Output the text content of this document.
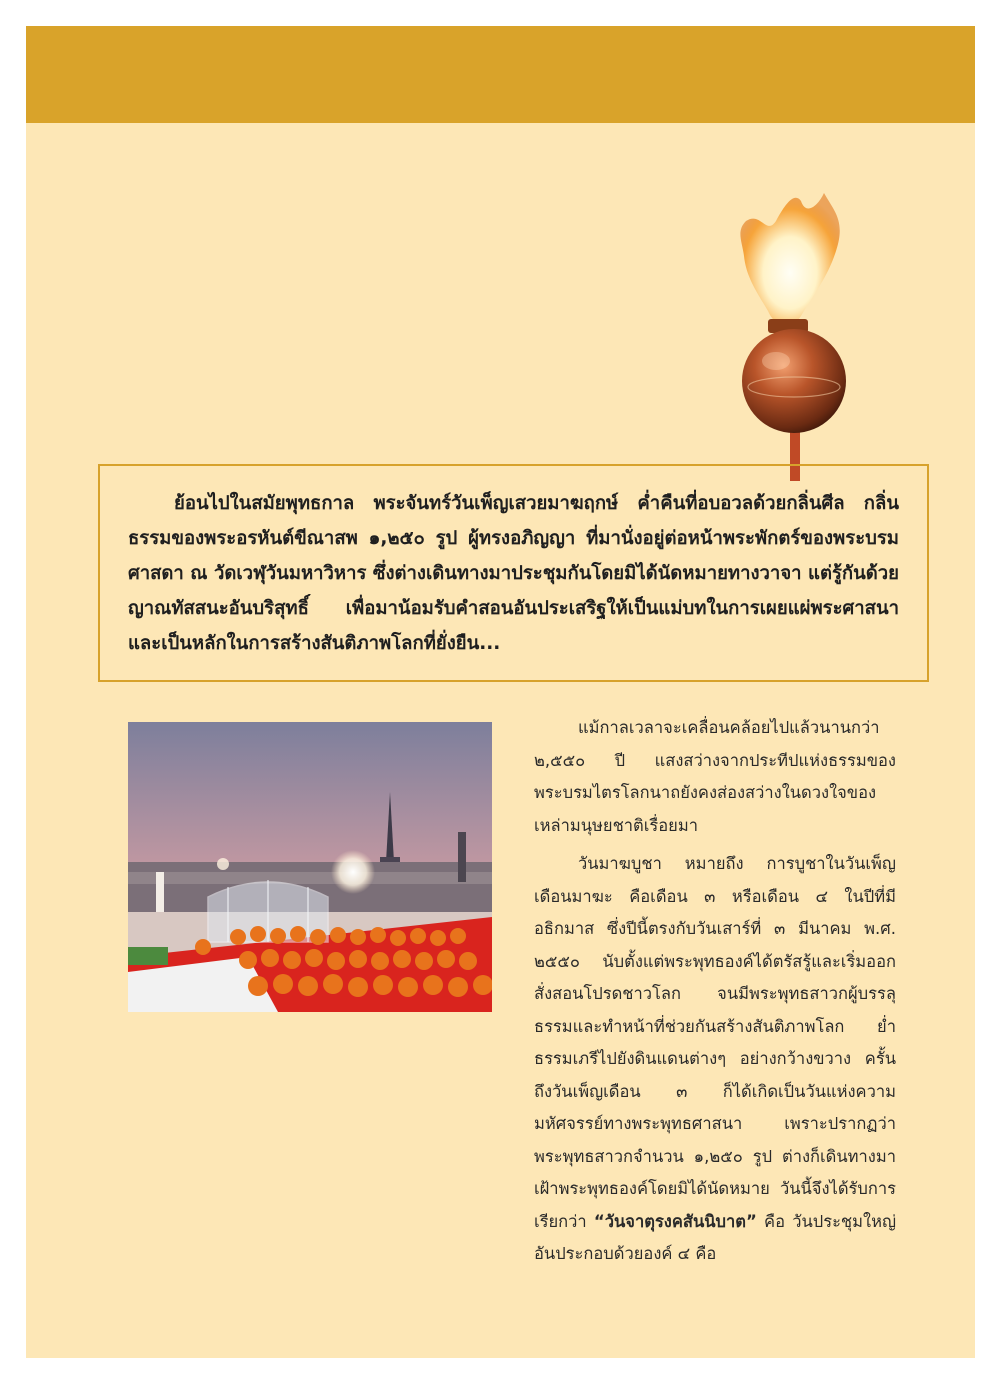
ย้อนไปในสมัยพุทธกาล พระจันทร์วันเพ็ญเสวยมาฆฤกษ์ ค่ำคืนที่อบอวลด้วยกลิ่นศีล กลิ่นธรรมของพระอรหันต์ขีณาสพ ๑,๒๕๐ รูป ผู้ทรงอภิญญา ที่มานั่งอยู่ต่อหน้าพระพักตร์ของพระบรมศาสดา ณ วัดเวฬุวันมหาวิหาร ซึ่งต่างเดินทางมาประชุมกันโดยมิได้นัดหมายทางวาจา แต่รู้กันด้วยญาณทัสสนะอันบริสุทธิ์ เพื่อมาน้อมรับคำสอนอันประเสริฐให้เป็นแม่บทในการเผยแผ่พระศาสนาและเป็นหลักในการสร้างสันติภาพโลกที่ยั่งยืน...

แม้กาลเวลาจะเคลื่อนคล้อยไปแล้วนานกว่า ๒,๕๕๐ ปี แสงสว่างจากประทีปแห่งธรรมของพระบรมไตรโลกนาถยังคงส่องสว่างในดวงใจของเหล่ามนุษยชาติเรื่อยมา

วันมาฆบูชา หมายถึง การบูชาในวันเพ็ญเดือนมาฆะ คือเดือน ๓ หรือเดือน ๔ ในปีที่มีอธิกมาส ซึ่งปีนี้ตรงกับวันเสาร์ที่ ๓ มีนาคม พ.ศ. ๒๕๕๐ นับตั้งแต่พระพุทธองค์ได้ตรัสรู้และเริ่มออกสั่งสอนโปรดชาวโลก จนมีพระพุทธสาวกผู้บรรลุธรรมและทำหน้าที่ช่วยกันสร้างสันติภาพโลก ย่ำธรรมเภรีไปยังดินแดนต่างๆ อย่างกว้างขวาง ครั้นถึงวันเพ็ญเดือน ๓ ก็ได้เกิดเป็นวันแห่งความมหัศจรรย์ทางพระพุทธศาสนา เพราะปรากฏว่าพระพุทธสาวกจำนวน ๑,๒๕๐ รูป ต่างก็เดินทางมาเฝ้าพระพุทธองค์โดยมิได้นัดหมาย วันนี้จึงได้รับการเรียกว่า “วันจาตุรงคสันนิบาต” คือ วันประชุมใหญ่อันประกอบด้วยองค์ ๔ คือ
